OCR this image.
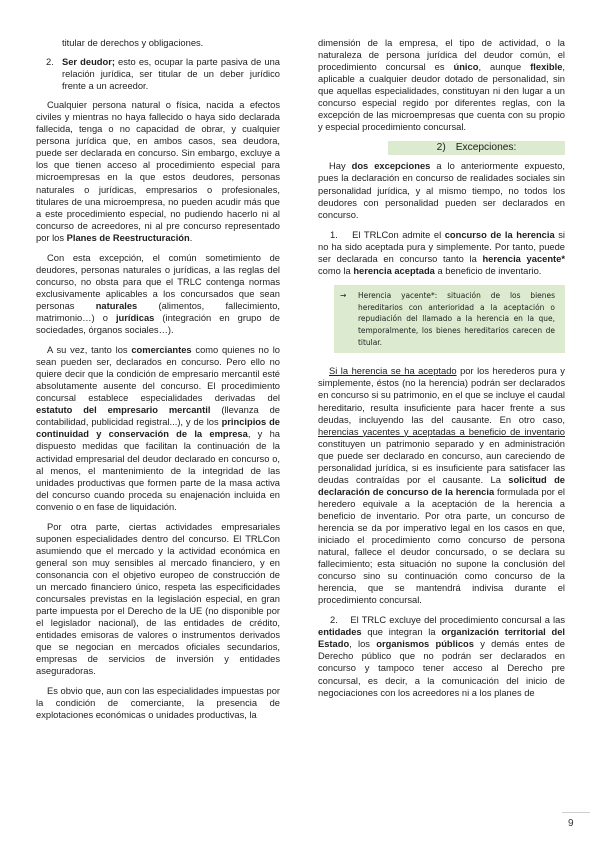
titular de derechos y obligaciones.
2. Ser deudor; esto es, ocupar la parte pasiva de una relación jurídica, ser titular de un deber jurídico frente a un acreedor.

Cualquier persona natural o física, nacida a efectos civiles y mientras no haya fallecido o haya sido declarada fallecida, tenga o no capacidad de obrar, y cualquier persona jurídica que, en ambos casos, sea deudora, puede ser declarada en concurso. Sin embargo, excluye a los que tienen acceso al procedimiento especial para microempresas en la que estos deudores, personas naturales o jurídicas, empresarios o profesionales, titulares de una microempresa, no pueden acudir más que a este procedimiento especial, no pudiendo hacerlo ni al concurso de acreedores, ni al pre concurso representado por los Planes de Reestructuración.

Con esta excepción, el común sometimiento de deudores, personas naturales o jurídicas, a las reglas del concurso, no obsta para que el TRLC contenga normas exclusivamente aplicables a los concursados que sean personas naturales (alimentos, fallecimiento, matrimonio…) o jurídicas (integración en grupo de sociedades, órganos sociales…).

A su vez, tanto los comerciantes como quienes no lo sean pueden ser, declarados en concurso. Pero ello no quiere decir que la condición de empresario mercantil esté absolutamente ausente del concurso. El procedimiento concursal establece especialidades derivadas del estatuto del empresario mercantil (llevanza de contabilidad, publicidad registral...), y de los principios de continuidad y conservación de la empresa, y ha dispuesto medidas que facilitan la continuación de la actividad empresarial del deudor declarado en concurso o, al menos, el mantenimiento de la integridad de las unidades productivas que formen parte de la masa activa del concurso cuando proceda su enajenación incluida en convenio o en fase de liquidación.

Por otra parte, ciertas actividades empresariales suponen especialidades dentro del concurso. El TRLCon asumiendo que el mercado y la actividad económica en general son muy sensibles al mercado financiero, y en consonancia con el objetivo europeo de construcción de un mercado financiero único, respeta las especificidades concursales previstas en la legislación especial, en gran parte impuesta por el Derecho de la UE (no disponible por el legislador nacional), de las entidades de crédito, entidades emisoras de valores o instrumentos derivados que se negocian en mercados oficiales secundarios, empresas de servicios de inversión y entidades aseguradoras.

Es obvio que, aun con las especialidades impuestas por la condición de comerciante, la presencia de explotaciones económicas o unidades productivas, la

dimensión de la empresa, el tipo de actividad, o la naturaleza de persona jurídica del deudor común, el procedimiento concursal es único, aunque flexible, aplicable a cualquier deudor dotado de personalidad, sin que aquellas especialidades, constituyan ni den lugar a un concurso especial regido por diferentes reglas, con la excepción de las microempresas que cuenta con su propio y especial procedimiento concursal.

2) Excepciones:

Hay dos excepciones a lo anteriormente expuesto, pues la declaración en concurso de realidades sociales sin personalidad jurídica, y al mismo tiempo, no todos los deudores con personalidad pueden ser declarados en concurso.

1. El TRLCon admite el concurso de la herencia si no ha sido aceptada pura y simplemente. Por tanto, puede ser declarada en concurso tanto la herencia yacente* como la herencia aceptada a beneficio de inventario.
→	Herencia yacente*: situación de los bienes hereditarios con anterioridad a la aceptación o repudiación del llamado a la herencia en la que, temporalmente, los bienes hereditarios carecen de titular.

Si la herencia se ha aceptado por los herederos pura y simplemente, éstos (no la herencia) podrán ser declarados en concurso si su patrimonio, en el que se incluye el caudal hereditario, resulta insuficiente para hacer frente a sus deudas, incluyendo las del causante. En otro caso, herencias yacentes y aceptadas a beneficio de inventario constituyen un patrimonio separado y en administración que puede ser declarado en concurso, aun careciendo de personalidad jurídica, si es insuficiente para satisfacer las deudas contraídas por el causante. La solicitud de declaración de concurso de la herencia formulada por el heredero equivale a la aceptación de la herencia a beneficio de inventario. Por otra parte, un concurso de herencia se da por imperativo legal en los casos en que, iniciado el procedimiento como concurso de persona natural, fallece el deudor concursado, o se declara su fallecimiento; esta situación no supone la conclusión del concurso sino su continuación como concurso de la herencia, que se mantendrá indivisa durante el procedimiento concursal.

2. El TRLC excluye del procedimiento concursal a las entidades que integran la organización territorial del Estado, los organismos públicos y demás entes de Derecho público que no podrán ser declarados en concurso y tampoco tener acceso al Derecho pre concursal, es decir, a la comunicación del inicio de negociaciones con los acreedores ni a los planes de
9
